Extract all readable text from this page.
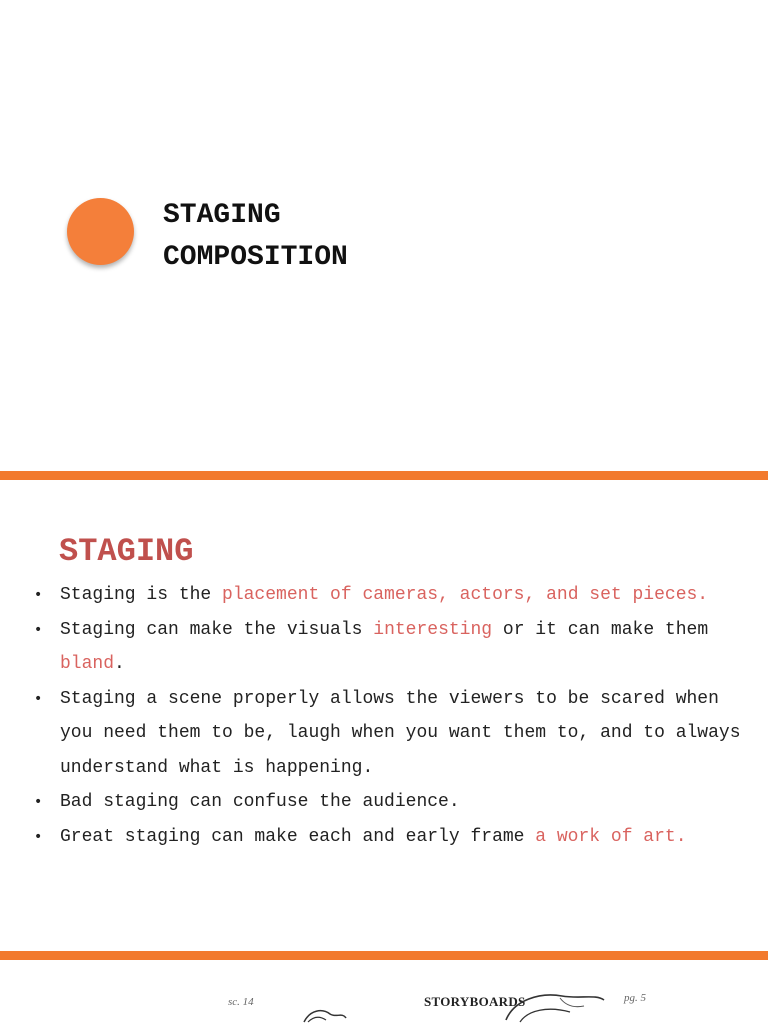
STAGING
COMPOSITION
STAGING
• Staging is the placement of cameras, actors, and set pieces.
• Staging can make the visuals interesting or it can make them bland.
• Staging a scene properly allows the viewers to be scared when you need them to be, laugh when you want them to, and to always understand what is happening.
• Bad staging can confuse the audience.
• Great staging can make each and early frame a work of art.
sc. 14	STORYBOARDS	pg. 5
